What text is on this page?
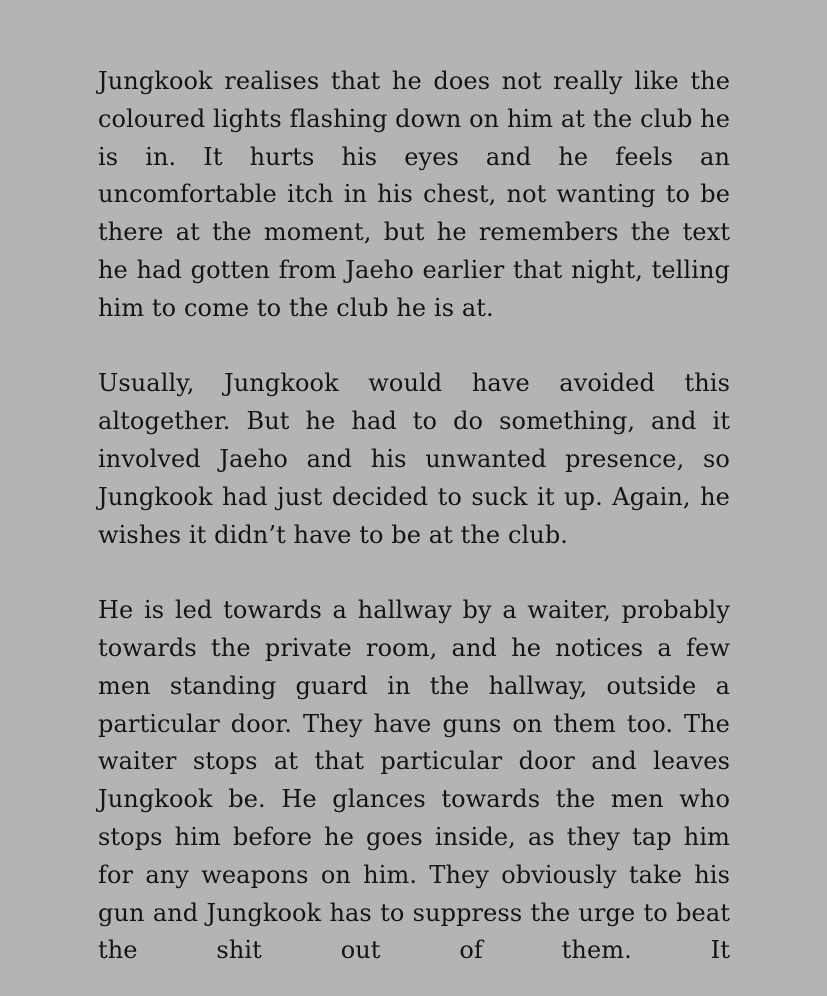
Jungkook realises that he does not really like the coloured lights flashing down on him at the club he is in. It hurts his eyes and he feels an uncomfortable itch in his chest, not wanting to be there at the moment, but he remembers the text he had gotten from Jaeho earlier that night, telling him to come to the club he is at.

Usually, Jungkook would have avoided this altogether. But he had to do something, and it involved Jaeho and his unwanted presence, so Jungkook had just decided to suck it up. Again, he wishes it didn’t have to be at the club.

He is led towards a hallway by a waiter, probably towards the private room, and he notices a few men standing guard in the hallway, outside a particular door. They have guns on them too. The waiter stops at that particular door and leaves Jungkook be. He glances towards the men who stops him before he goes inside, as they tap him for any weapons on him. They obviously take his gun and Jungkook has to suppress the urge to beat the shit out of them. It
